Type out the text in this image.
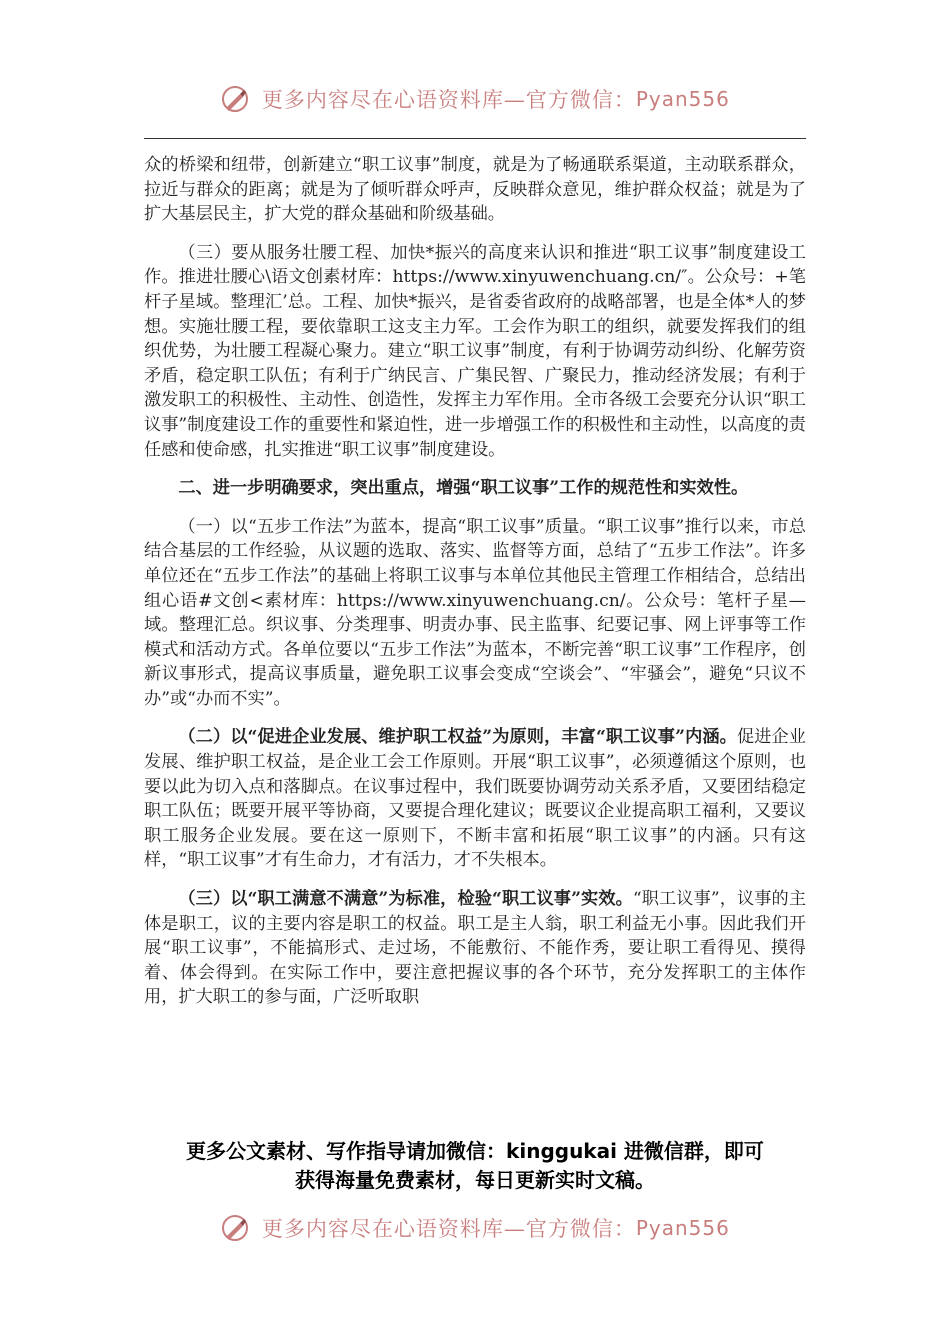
更多内容尽在心语资料库—官方微信：Pyan556

众的桥梁和纽带，创新建立“职工议事”制度，就是为了畅通联系渠道，主动联系群众，拉近与群众的距离；就是为了倾听群众呼声，反映群众意见，维护群众权益；就是为了扩大基层民主，扩大党的群众基础和阶级基础。

（三）要从服务壮腰工程、加快*振兴的高度来认识和推进“职工议事”制度建设工作。推进壮腰心\语文创素材库：https://www.xinyuwenchuang.cn/″。公众号：+笔杆子星域。整理汇’总。工程、加快*振兴，是省委省政府的战略部署，也是全体*人的梦想。实施壮腰工程，要依靠职工这支主力军。工会作为职工的组织，就要发挥我们的组织优势，为壮腰工程凝心聚力。建立“职工议事”制度，有利于协调劳动纠纷、化解劳资矛盾，稳定职工队伍；有利于广纳民言、广集民智、广聚民力，推动经济发展；有利于激发职工的积极性、主动性、创造性，发挥主力军作用。全市各级工会要充分认识“职工议事”制度建设工作的重要性和紧迫性，进一步增强工作的积极性和主动性，以高度的责任感和使命感，扎实推进“职工议事”制度建设。

二、进一步明确要求，突出重点，增强“职工议事”工作的规范性和实效性。

（一）以“五步工作法”为蓝本，提高“职工议事”质量。“职工议事”推行以来，市总结合基层的工作经验，从议题的选取、落实、监督等方面，总结了“五步工作法”。许多单位还在“五步工作法”的基础上将职工议事与本单位其他民主管理工作相结合，总结出组心语#文创<素材库：https://www.xinyuwenchuang.cn/。公众号：笔杆子星—域。整理汇总。织议事、分类理事、明责办事、民主监事、纪要记事、网上评事等工作模式和活动方式。各单位要以“五步工作法”为蓝本，不断完善“职工议事”工作程序，创新议事形式，提高议事质量，避免职工议事会变成“空谈会”、“牢骚会”，避免“只议不办”或“办而不实”。

（二）以“促进企业发展、维护职工权益”为原则，丰富“职工议事”内涵。促进企业发展、维护职工权益，是企业工会工作原则。开展“职工议事”，必须遵循这个原则，也要以此为切入点和落脚点。在议事过程中，我们既要协调劳动关系矛盾，又要团结稳定职工队伍；既要开展平等协商，又要提合理化建议；既要议企业提高职工福利，又要议职工服务企业发展。要在这一原则下，不断丰富和拓展“职工议事”的内涵。只有这样，“职工议事”才有生命力，才有活力，才不失根本。

（三）以“职工满意不满意”为标准，检验“职工议事”实效。“职工议事”，议事的主体是职工，议的主要内容是职工的权益。职工是主人翁，职工利益无小事。因此我们开展“职工议事”，不能搞形式、走过场，不能敷衍、不能作秀，要让职工看得见、摸得着、体会得到。在实际工作中，要注意把握议事的各个环节，充分发挥职工的主体作用，扩大职工的参与面，广泛听取职

更多公文素材、写作指导请加微信：kinggukai 进微信群，即可
获得海量免费素材，每日更新实时文稿。
更多内容尽在心语资料库—官方微信：Pyan556
